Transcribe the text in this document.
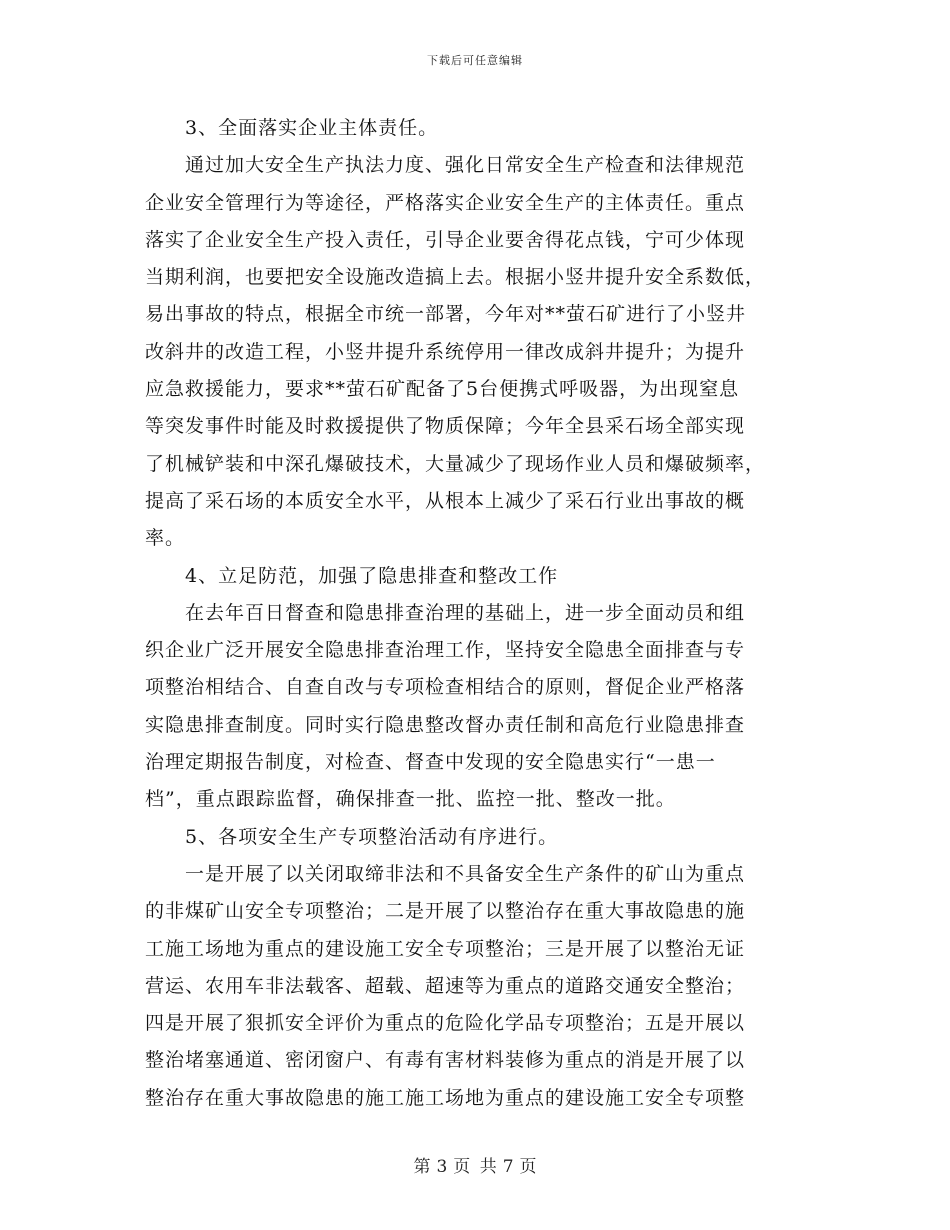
下载后可任意编辑
3、全面落实企业主体责任。
通过加大安全生产执法力度、强化日常安全生产检查和法律规范
企业安全管理行为等途径，严格落实企业安全生产的主体责任。重点
落实了企业安全生产投入责任，引导企业要舍得花点钱，宁可少体现
当期利润，也要把安全设施改造搞上去。根据小竖井提升安全系数低，
易出事故的特点，根据全市统一部署，今年对**萤石矿进行了小竖井
改斜井的改造工程，小竖井提升系统停用一律改成斜井提升；为提升
应急救援能力，要求**萤石矿配备了5台便携式呼吸器，为出现窒息
等突发事件时能及时救援提供了物质保障；今年全县采石场全部实现
了机械铲装和中深孔爆破技术，大量减少了现场作业人员和爆破频率，
提高了采石场的本质安全水平，从根本上减少了采石行业出事故的概
率。
4、立足防范，加强了隐患排查和整改工作
在去年百日督查和隐患排查治理的基础上，进一步全面动员和组
织企业广泛开展安全隐患排查治理工作，坚持安全隐患全面排查与专
项整治相结合、自查自改与专项检查相结合的原则，督促企业严格落
实隐患排查制度。同时实行隐患整改督办责任制和高危行业隐患排查
治理定期报告制度，对检查、督查中发现的安全隐患实行“一患一
档”，重点跟踪监督，确保排查一批、监控一批、整改一批。
5、各项安全生产专项整治活动有序进行。
一是开展了以关闭取缔非法和不具备安全生产条件的矿山为重点
的非煤矿山安全专项整治；二是开展了以整治存在重大事故隐患的施
工施工场地为重点的建设施工安全专项整治；三是开展了以整治无证
营运、农用车非法载客、超载、超速等为重点的道路交通安全整治；
四是开展了狠抓安全评价为重点的危险化学品专项整治；五是开展以
整治堵塞通道、密闭窗户、有毒有害材料装修为重点的消是开展了以
整治存在重大事故隐患的施工施工场地为重点的建设施工安全专项整
第 3 页 共 7 页
